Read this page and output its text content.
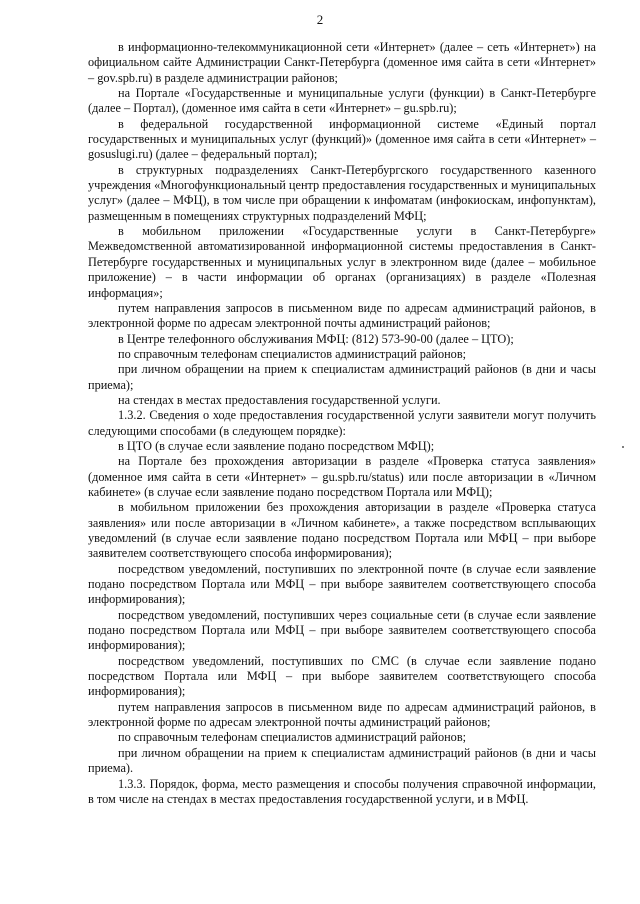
2

в информационно-телекоммуникационной сети «Интернет» (далее – сеть «Интернет») на официальном сайте Администрации Санкт-Петербурга (доменное имя сайта в сети «Интернет» – gov.spb.ru) в разделе администрации районов;

на Портале «Государственные и муниципальные услуги (функции) в Санкт-Петербурге (далее – Портал), (доменное имя сайта в сети «Интернет» – gu.spb.ru);

в федеральной государственной информационной системе «Единый портал государственных и муниципальных услуг (функций)» (доменное имя сайта в сети «Интернет» – gosuslugi.ru) (далее – федеральный портал);

в структурных подразделениях Санкт-Петербургского государственного казенного учреждения «Многофункциональный центр предоставления государственных и муниципальных услуг» (далее – МФЦ), в том числе при обращении к инфоматам (инфокиоскам, инфопунктам), размещенным в помещениях структурных подразделений МФЦ;

в мобильном приложении «Государственные услуги в Санкт-Петербурге» Межведомственной автоматизированной информационной системы предоставления в Санкт-Петербурге государственных и муниципальных услуг в электронном виде (далее – мобильное приложение) – в части информации об органах (организациях) в разделе «Полезная информация»;

путем направления запросов в письменном виде по адресам администраций районов, в электронной форме по адресам электронной почты администраций районов;

в Центре телефонного обслуживания МФЦ: (812) 573-90-00 (далее – ЦТО);

по справочным телефонам специалистов администраций районов;

при личном обращении на прием к специалистам администраций районов (в дни и часы приема);

на стендах в местах предоставления государственной услуги.

1.3.2. Сведения о ходе предоставления государственной услуги заявители могут получить следующими способами (в следующем порядке):

в ЦТО (в случае если заявление подано посредством МФЦ);

на Портале без прохождения авторизации в разделе «Проверка статуса заявления» (доменное имя сайта в сети «Интернет» – gu.spb.ru/status) или после авторизации в «Личном кабинете» (в случае если заявление подано посредством Портала или МФЦ);

в мобильном приложении без прохождения авторизации в разделе «Проверка статуса заявления» или после авторизации в «Личном кабинете», а также посредством всплывающих уведомлений (в случае если заявление подано посредством Портала или МФЦ – при выборе заявителем соответствующего способа информирования);

посредством уведомлений, поступивших по электронной почте (в случае если заявление подано посредством Портала или МФЦ – при выборе заявителем соответствующего способа информирования);

посредством уведомлений, поступивших через социальные сети (в случае если заявление подано посредством Портала или МФЦ – при выборе заявителем соответствующего способа информирования);

посредством уведомлений, поступивших по СМС (в случае если заявление подано посредством Портала или МФЦ – при выборе заявителем соответствующего способа информирования);

путем направления запросов в письменном виде по адресам администраций районов, в электронной форме по адресам электронной почты администраций районов;

по справочным телефонам специалистов администраций районов;

при личном обращении на прием к специалистам администраций районов (в дни и часы приема).

1.3.3. Порядок, форма, место размещения и способы получения справочной информации, в том числе на стендах в местах предоставления государственной услуги, и в МФЦ.
